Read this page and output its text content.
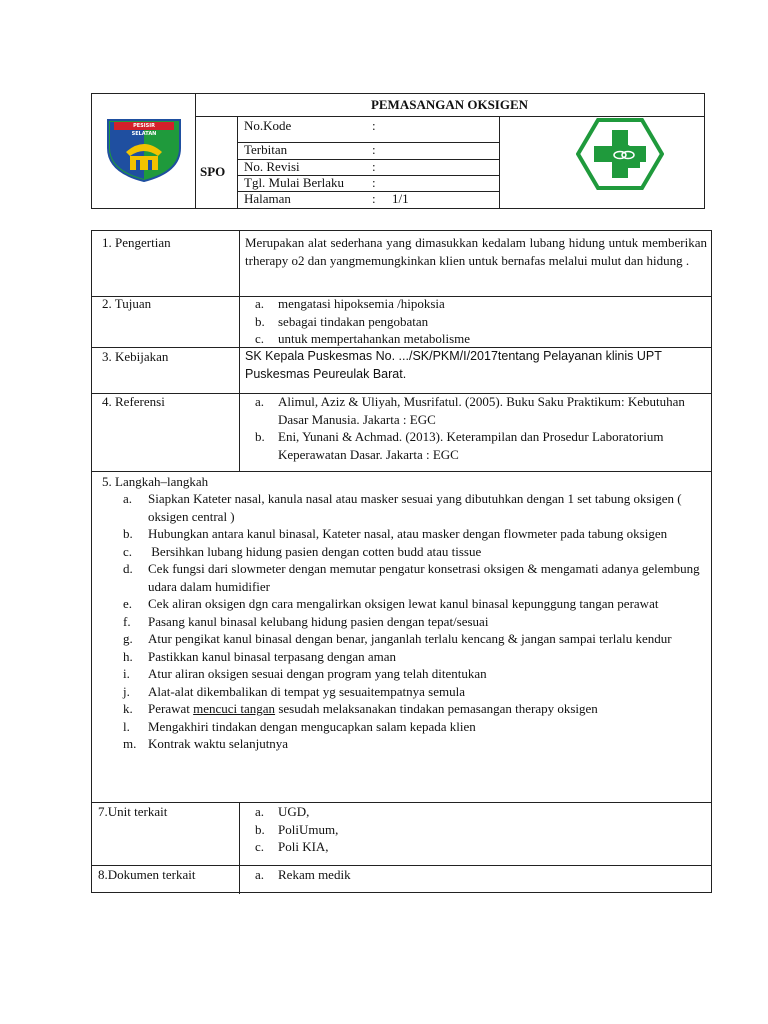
PESISIR SELATAN
PEMASANGAN OKSIGEN
SPO
No.Kode	:
Terbitan	:
No. Revisi	:
Tgl. Mulai Berlaku :
Halaman	: 1/1
1. Pengertian	Merupakan alat sederhana yang dimasukkan kedalam lubang hidung untuk memberikan trherapy o2 dan yangmemungkinkan klien untuk bernafas melalui mulut dan hidung .
2. Tujuan	a. mengatasi hipoksemia /hipoksia
b. sebagai tindakan pengobatan
c. untuk mempertahankan metabolisme
3. Kebijakan	SK Kepala Puskesmas No. .../SK/PKM/I/2017tentang Pelayanan klinis UPT Puskesmas Peureulak Barat.
4. Referensi	a. Alimul, Aziz & Uliyah, Musrifatul. (2005). Buku Saku Praktikum: Kebutuhan Dasar Manusia. Jakarta : EGC
b. Eni, Yunani & Achmad. (2013). Keterampilan dan Prosedur Laboratorium Keperawatan Dasar. Jakarta : EGC
5. Langkah–langkah
a. Siapkan Kateter nasal, kanula nasal atau masker sesuai yang dibutuhkan dengan 1 set tabung oksigen ( oksigen central )
b. Hubungkan antara kanul binasal, Kateter nasal, atau masker dengan flowmeter pada tabung oksigen
c. Bersihkan lubang hidung pasien dengan cotten budd atau tissue
d. Cek fungsi dari slowmeter dengan memutar pengatur konsetrasi oksigen & mengamati adanya gelembung udara dalam humidifier
e. Cek aliran oksigen dgn cara mengalirkan oksigen lewat kanul binasal kepunggung tangan perawat
f. Pasang kanul binasal kelubang hidung pasien dengan tepat/sesuai
g. Atur pengikat kanul binasal dengan benar, janganlah terlalu kencang & jangan sampai terlalu kendur
h. Pastikkan kanul binasal terpasang dengan aman
i. Atur aliran oksigen sesuai dengan program yang telah ditentukan
j. Alat-alat dikembalikan di tempat yg sesuaitempatnya semula
k. Perawat mencuci tangan sesudah melaksanakan tindakan pemasangan therapy oksigen
l. Mengakhiri tindakan dengan mengucapkan salam kepada klien
m. Kontrak waktu selanjutnya
7.Unit terkait	a. UGD,
b. PoliUmum,
c. Poli KIA,
8.Dokumen terkait	a. Rekam medik
